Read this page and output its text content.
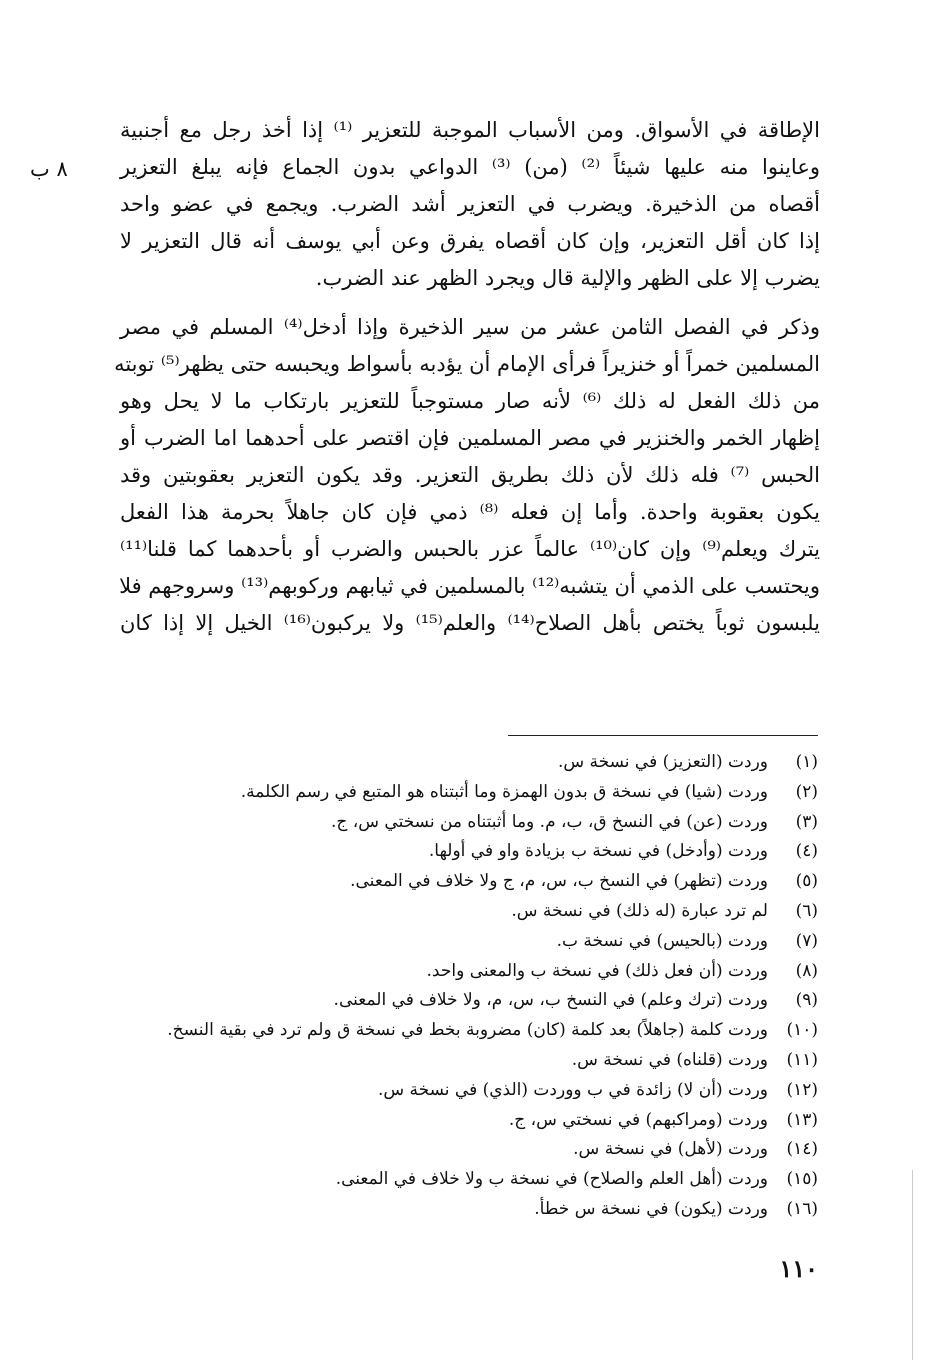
الإطاقة في الأسواق. ومن الأسباب الموجبة للتعزير ⁽¹⁾ إذا أخذ رجل مع أجنبية
وعاينوا منه عليها شيئاً ⁽²⁾ (من) ⁽³⁾ الدواعي بدون الجماع فإنه يبلغ التعزير
أقصاه من الذخيرة. ويضرب في التعزير أشد الضرب. ويجمع في عضو واحد
إذا كان أقل التعزير، وإن كان أقصاه يفرق وعن أبي يوسف أنه قال التعزير لا
يضرب إلا على الظهر والإلية قال ويجرد الظهر عند الضرب.
وذكر في الفصل الثامن عشر من سير الذخيرة وإذا أدخل⁽⁴⁾ المسلم في مصر
المسلمين خمراً أو خنزيراً فرأى الإمام أن يؤدبه بأسواط ويحبسه حتى يظهر⁽⁵⁾ توبته
من ذلك الفعل له ذلك ⁽⁶⁾ لأنه صار مستوجباً للتعزير بارتكاب ما لا يحل وهو
إظهار الخمر والخنزير في مصر المسلمين فإن اقتصر على أحدهما اما الضرب أو
الحبس ⁽⁷⁾ فله ذلك لأن ذلك بطريق التعزير. وقد يكون التعزير بعقوبتين وقد
يكون بعقوبة واحدة. وأما إن فعله ⁽⁸⁾ ذمي فإن كان جاهلاً بحرمة هذا الفعل
يترك ويعلم⁽⁹⁾ وإن كان⁽¹⁰⁾ عالماً عزر بالحبس والضرب أو بأحدهما كما قلنا⁽¹¹⁾
ويحتسب على الذمي أن يتشبه⁽¹²⁾ بالمسلمين في ثيابهم وركوبهم⁽¹³⁾ وسروجهم فلا
يلبسون ثوباً يختص بأهل الصلاح⁽¹⁴⁾ والعلم⁽¹⁵⁾ ولا يركبون⁽¹⁶⁾ الخيل إلا إذا كان
٨ ب
(١)
وردت (التعزيز) في نسخة س.
(٢)
وردت (شيا) في نسخة ق بدون الهمزة وما أثبتناه هو المتبع في رسم الكلمة.
(٣)
وردت (عن) في النسخ ق، ب، م. وما أثبتناه من نسختي س، ج.
(٤)
وردت (وأدخل) في نسخة ب بزيادة واو في أولها.
(٥)
وردت (تظهر) في النسخ ب، س، م، ج ولا خلاف في المعنى.
(٦)
لم ترد عبارة (له ذلك) في نسخة س.
(٧)
وردت (بالحيس) في نسخة ب.
(٨)
وردت (أن فعل ذلك) في نسخة ب والمعنى واحد.
(٩)
وردت (ترك وعلم) في النسخ ب، س، م، ولا خلاف في المعنى.
(١٠)
وردت كلمة (جاهلاً) بعد كلمة (كان) مضروبة بخط في نسخة ق ولم ترد في بقية النسخ.
(١١)
وردت (قلناه) في نسخة س.
(١٢)
وردت (أن لا) زائدة في ب ووردت (الذي) في نسخة س.
(١٣)
وردت (ومراكبهم) في نسختي س، ج.
(١٤)
وردت (لأهل) في نسخة س.
(١٥)
وردت (أهل العلم والصلاح) في نسخة ب ولا خلاف في المعنى.
(١٦)
وردت (يكون) في نسخة س خطأ.
١١٠
